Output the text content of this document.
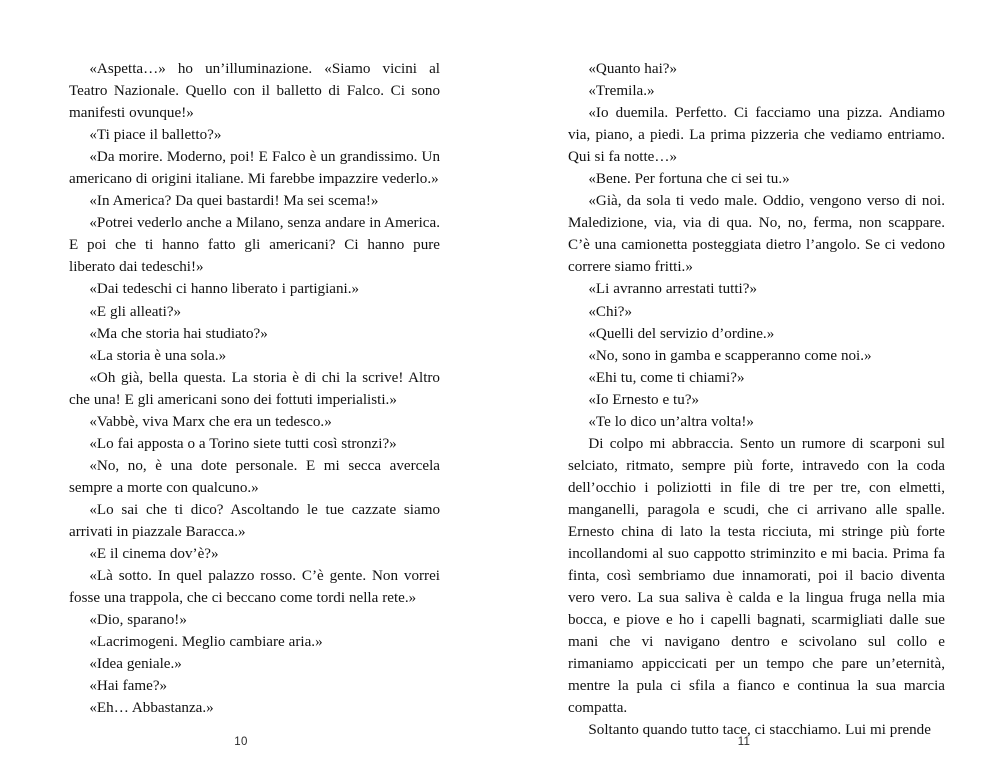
«Aspetta…» ho un’illuminazione. «Siamo vicini al Teatro Nazionale. Quello con il balletto di Falco. Ci sono manifesti ovunque!»

«Ti piace il balletto?»

«Da morire. Moderno, poi! E Falco è un grandissimo. Un americano di origini italiane. Mi farebbe impazzire vederlo.»

«In America? Da quei bastardi! Ma sei scema!»

«Potrei vederlo anche a Milano, senza andare in America. E poi che ti hanno fatto gli americani? Ci hanno pure liberato dai tedeschi!»

«Dai tedeschi ci hanno liberato i partigiani.»

«E gli alleati?»

«Ma che storia hai studiato?»

«La storia è una sola.»

«Oh già, bella questa. La storia è di chi la scrive! Altro che una! E gli americani sono dei fottuti imperialisti.»

«Vabbè, viva Marx che era un tedesco.»

«Lo fai apposta o a Torino siete tutti così stronzi?»

«No, no, è una dote personale. E mi secca avercela sempre a morte con qualcuno.»

«Lo sai che ti dico? Ascoltando le tue cazzate siamo arrivati in piazzale Baracca.»

«E il cinema dov’è?»

«Là sotto. In quel palazzo rosso. C’è gente. Non vorrei fosse una trappola, che ci beccano come tordi nella rete.»

«Dio, sparano!»

«Lacrimogeni. Meglio cambiare aria.»

«Idea geniale.»

«Hai fame?»

«Eh… Abbastanza.»

10

«Quanto hai?»

«Tremila.»

«Io duemila. Perfetto. Ci facciamo una pizza. Andiamo via, piano, a piedi. La prima pizzeria che vediamo entriamo. Qui si fa notte…»

«Bene. Per fortuna che ci sei tu.»

«Già, da sola ti vedo male. Oddio, vengono verso di noi. Maledizione, via, via di qua. No, no, ferma, non scappare. C’è una camionetta posteggiata dietro l’angolo. Se ci vedono correre siamo fritti.»

«Li avranno arrestati tutti?»

«Chi?»

«Quelli del servizio d’ordine.»

«No, sono in gamba e scapperanno come noi.»

«Ehi tu, come ti chiami?»

«Io Ernesto e tu?»

«Te lo dico un’altra volta!»

Di colpo mi abbraccia. Sento un rumore di scarponi sul selciato, ritmato, sempre più forte, intravedo con la coda dell’occhio i poliziotti in file di tre per tre, con elmetti, manganelli, paragola e scudi, che ci arrivano alle spalle. Ernesto china di lato la testa ricciuta, mi stringe più forte incollandomi al suo cappotto striminzito e mi bacia. Prima fa finta, così sembriamo due innamorati, poi il bacio diventa vero vero. La sua saliva è calda e la lingua fruga nella mia bocca, e piove e ho i capelli bagnati, scarmigliati dalle sue mani che vi navigano dentro e scivolano sul collo e rimaniamo appiccicati per un tempo che pare un’eternità, mentre la pula ci sfila a fianco e continua la sua marcia compatta.

Soltanto quando tutto tace, ci stacchiamo. Lui mi prende

11
